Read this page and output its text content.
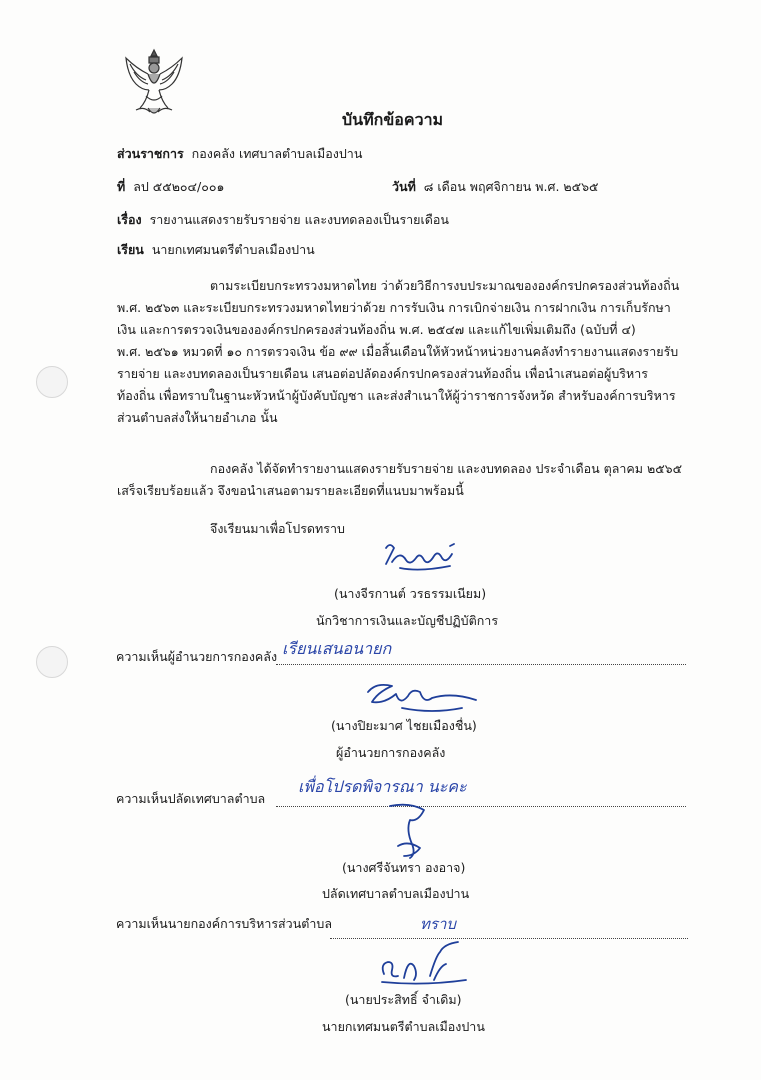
บันทึกข้อความ
ส่วนราชการ กองคลัง เทศบาลตำบลเมืองปาน
ที่ ลป ๕๕๒๐๔/๐๐๑	วันที่ ๘ เดือน พฤศจิกายน พ.ศ. ๒๕๖๕
เรื่อง รายงานแสดงรายรับรายจ่าย และงบทดลองเป็นรายเดือน
เรียน นายกเทศมนตรีตำบลเมืองปาน
ตามระเบียบกระทรวงมหาดไทย ว่าด้วยวิธีการงบประมาณขององค์กรปกครองส่วนท้องถิ่น
พ.ศ. ๒๕๖๓ และระเบียบกระทรวงมหาดไทยว่าด้วย การรับเงิน การเบิกจ่ายเงิน การฝากเงิน การเก็บรักษา
เงิน และการตรวจเงินขององค์กรปกครองส่วนท้องถิ่น พ.ศ. ๒๕๔๗ และแก้ไขเพิ่มเติมถึง (ฉบับที่ ๔)
พ.ศ. ๒๕๖๑ หมวดที่ ๑๐ การตรวจเงิน ข้อ ๙๙ เมื่อสิ้นเดือนให้หัวหน้าหน่วยงานคลังทำรายงานแสดงรายรับ
รายจ่าย และงบทดลองเป็นรายเดือน เสนอต่อปลัดองค์กรปกครองส่วนท้องถิ่น เพื่อนำเสนอต่อผู้บริหาร
ท้องถิ่น เพื่อทราบในฐานะหัวหน้าผู้บังคับบัญชา และส่งสำเนาให้ผู้ว่าราชการจังหวัด สำหรับองค์การบริหาร
ส่วนตำบลส่งให้นายอำเภอ นั้น
กองคลัง ได้จัดทำรายงานแสดงรายรับรายจ่าย และงบทดลอง ประจำเดือน ตุลาคม ๒๕๖๕
เสร็จเรียบร้อยแล้ว จึงขอนำเสนอตามรายละเอียดที่แนบมาพร้อมนี้
จึงเรียนมาเพื่อโปรดทราบ
(นางจีรกานต์ วรธรรมเนียม)
นักวิชาการเงินและบัญชีปฏิบัติการ
ความเห็นผู้อำนวยการกองคลัง เรียนเสนอนายก
(นางปิยะมาศ ไชยเมืองชื่น)
ผู้อำนวยการกองคลัง
ความเห็นปลัดเทศบาลตำบล
เพื่อโปรดพิจารณา นะคะ
(นางศรีจันทรา องอาจ)
ปลัดเทศบาลตำบลเมืองปาน
ความเห็นนายกองค์การบริหารส่วนตำบล	ทราบ
(นายประสิทธิ์ จำเดิม)
นายกเทศมนตรีตำบลเมืองปาน
